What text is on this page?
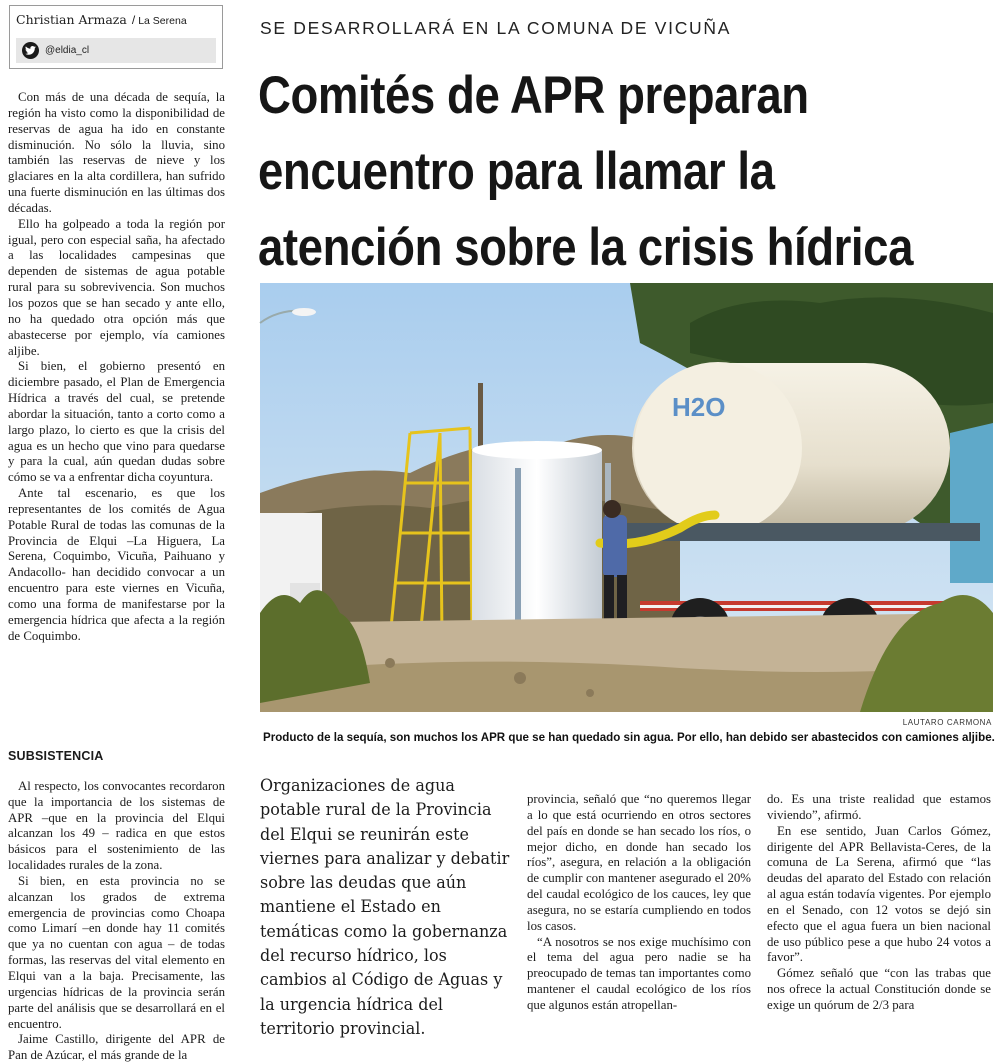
Christian Armaza / La Serena
@eldia_cl

Con más de una década de sequía, la región ha visto como la disponibilidad de reservas de agua ha ido en constante disminución. No sólo la lluvia, sino también las reservas de nieve y los glaciares en la alta cordillera, han sufrido una fuerte disminución en las últimas dos décadas.

Ello ha golpeado a toda la región por igual, pero con especial saña, ha afectado a las localidades campesinas que dependen de sistemas de agua potable rural para su sobrevivencia. Son muchos los pozos que se han secado y ante ello, no ha quedado otra opción más que abastecerse por ejemplo, vía camiones aljibe.

Si bien, el gobierno presentó en diciembre pasado, el Plan de Emergencia Hídrica a través del cual, se pretende abordar la situación, tanto a corto como a largo plazo, lo cierto es que la crisis del agua es un hecho que vino para quedarse y para la cual, aún quedan dudas sobre cómo se va a enfrentar dicha coyuntura.

Ante tal escenario, es que los representantes de los comités de Agua Potable Rural de todas las comunas de la Provincia de Elqui –La Higuera, La Serena, Coquimbo, Vicuña, Paihuano y Andacollo- han decidido convocar a un encuentro para este viernes en Vicuña, como una forma de manifestarse por la emergencia hídrica que afecta a la región de Coquimbo.

SUBSISTENCIA

Al respecto, los convocantes recordaron que la importancia de los sistemas de APR –que en la provincia del Elqui alcanzan los 49 – radica en que estos básicos para el sostenimiento de las localidades rurales de la zona.

Si bien, en esta provincia no se alcanzan los grados de extrema emergencia de provincias como Choapa como Limarí –en donde hay 11 comités que ya no cuentan con agua – de todas formas, las reservas del vital elemento en Elqui van a la baja. Precisamente, las urgencias hídricas de la provincia serán parte del análisis que se desarrollará en el encuentro.

Jaime Castillo, dirigente del APR de Pan de Azúcar, el más grande de la

SE DESARROLLARÁ EN LA COMUNA DE VICUÑA
Comités de APR preparan
encuentro para llamar la
atención sobre la crisis hídrica
H2O
LAUTARO CARMONA
Producto de la sequía, son muchos los APR que se han quedado sin agua. Por ello, han debido ser abastecidos con camiones aljibe.
Organizaciones de agua potable rural de la Provincia del Elqui se reunirán este viernes para analizar y debatir sobre las deudas que aún mantiene el Estado en temáticas como la gobernanza del recurso hídrico, los cambios al Código de Aguas y la urgencia hídrica del territorio provincial.

provincia, señaló que “no queremos llegar a lo que está ocurriendo en otros sectores del país en donde se han secado los ríos, o mejor dicho, en donde han secado los ríos”, asegura, en relación a la obligación de cumplir con mantener asegurado el 20% del caudal ecológico de los cauces, ley que asegura, no se estaría cumpliendo en todos los casos.

“A nosotros se nos exige muchísimo con el tema del agua pero nadie se ha preocupado de temas tan importantes como mantener el caudal ecológico de los ríos que algunos están atropellan-

do. Es una triste realidad que estamos viviendo”, afirmó.

En ese sentido, Juan Carlos Gómez, dirigente del APR Bellavista-Ceres, de la comuna de La Serena, afirmó que “las deudas del aparato del Estado con relación al agua están todavía vigentes. Por ejemplo en el Senado, con 12 votos se dejó sin efecto que el agua fuera un bien nacional de uso público pese a que hubo 24 votos a favor”.

Gómez señaló que “con las trabas que nos ofrece la actual Constitución donde se exige un quórum de 2/3 para
